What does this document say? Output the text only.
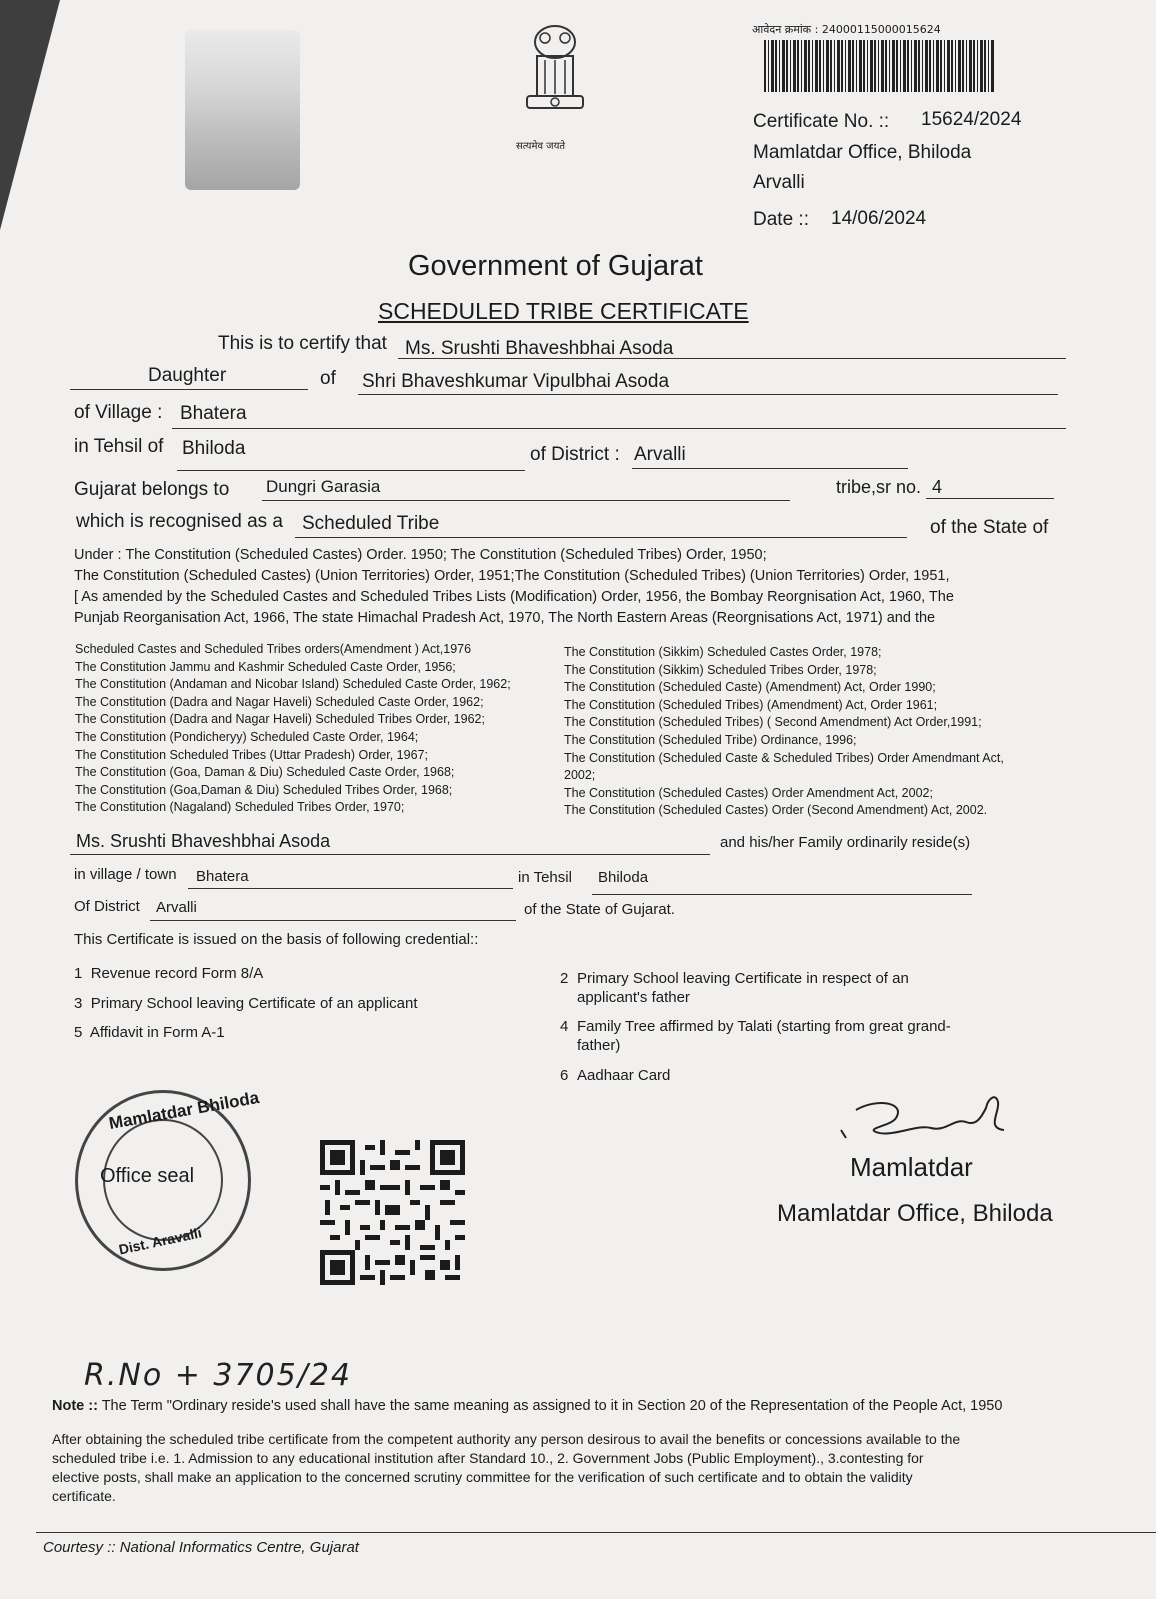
सत्यमेव जयते
आवेदन क्रमांक : 24000115000015624
Certificate No. :: 15624/2024
Mamlatdar Office, Bhiloda
Arvalli
Date :: 14/06/2024
Government of Gujarat
SCHEDULED TRIBE CERTIFICATE
This is to certify that Ms. Srushti Bhaveshbhai Asoda
Daughter	of Shri Bhaveshkumar Vipulbhai Asoda
of Village : Bhatera
in Tehsil of Bhiloda	of District : Arvalli
Gujarat belongs to Dungri Garasia	tribe,sr no. 4
which is recognised as a Scheduled Tribe	of the State of
Under : The Constitution (Scheduled Castes) Order. 1950; The Constitution (Scheduled Tribes) Order, 1950;
The Constitution (Scheduled Castes) (Union Territories) Order, 1951;The Constitution (Scheduled Tribes) (Union Territories) Order, 1951,
[ As amended by the Scheduled Castes and Scheduled Tribes Lists (Modification) Order, 1956, the Bombay Reorgnisation Act, 1960, The
Punjab Reorganisation Act, 1966, The state Himachal Pradesh Act, 1970, The North Eastern Areas (Reorgnisations Act, 1971) and the
Scheduled Castes and Scheduled Tribes orders(Amendment ) Act,1976
The Constitution Jammu and Kashmir Scheduled Caste Order, 1956;
The Constitution (Andaman and Nicobar Island) Scheduled Caste Order, 1962;
The Constitution (Dadra and Nagar Haveli) Scheduled Caste Order, 1962;
The Constitution (Dadra and Nagar Haveli) Scheduled Tribes Order, 1962;
The Constitution (Pondicheryy) Scheduled Caste Order, 1964;
The Constitution Scheduled Tribes (Uttar Pradesh) Order, 1967;
The Constitution (Goa, Daman & Diu) Scheduled Caste Order, 1968;
The Constitution (Goa,Daman & Diu) Scheduled Tribes Order, 1968;
The Constitution (Nagaland) Scheduled Tribes Order, 1970;
The Constitution (Sikkim) Scheduled Castes Order, 1978;
The Constitution (Sikkim) Scheduled Tribes Order, 1978;
The Constitution (Scheduled Caste) (Amendment) Act, Order 1990;
The Constitution (Scheduled Tribes) (Amendment) Act, Order 1961;
The Constitution (Scheduled Tribes) ( Second Amendment) Act Order,1991;
The Constitution (Scheduled Tribe) Ordinance, 1996;
The Constitution (Scheduled Caste & Scheduled Tribes) Order Amendmant Act,
2002;
The Constitution (Scheduled Castes) Order Amendment Act, 2002;
The Constitution (Scheduled Castes) Order (Second Amendment) Act, 2002.
Ms. Srushti Bhaveshbhai Asoda	and his/her Family ordinarily reside(s)
in village / town Bhatera	in Tehsil Bhiloda
Of District Arvalli	of the State of Gujarat.
This Certificate is issued on the basis of following credential::
1 Revenue record Form 8/A
3 Primary School leaving Certificate of an applicant
5 Affidavit in Form A-1
2 Primary School leaving Certificate in respect of an
applicant's father
4 Family Tree affirmed by Talati (starting from great grand-
father)
6 Aadhaar Card
Mamlatdar Bhiloda
Office seal
Dist. Aravalli
Mamlatdar
Mamlatdar Office, Bhiloda
R.No + 3705/24
Note :: The Term "Ordinary reside's used shall have the same meaning as assigned to it in Section 20 of the Representation of the People Act, 1950
After obtaining the scheduled tribe certificate from the competent authority any person desirous to avail the benefits or concessions available to the
scheduled tribe i.e. 1. Admission to any educational institution after Standard 10., 2. Government Jobs (Public Employment)., 3.contesting for
elective posts, shall make an application to the concerned scrutiny committee for the verification of such certificate and to obtain the validity
certificate.
Courtesy :: National Informatics Centre, Gujarat
